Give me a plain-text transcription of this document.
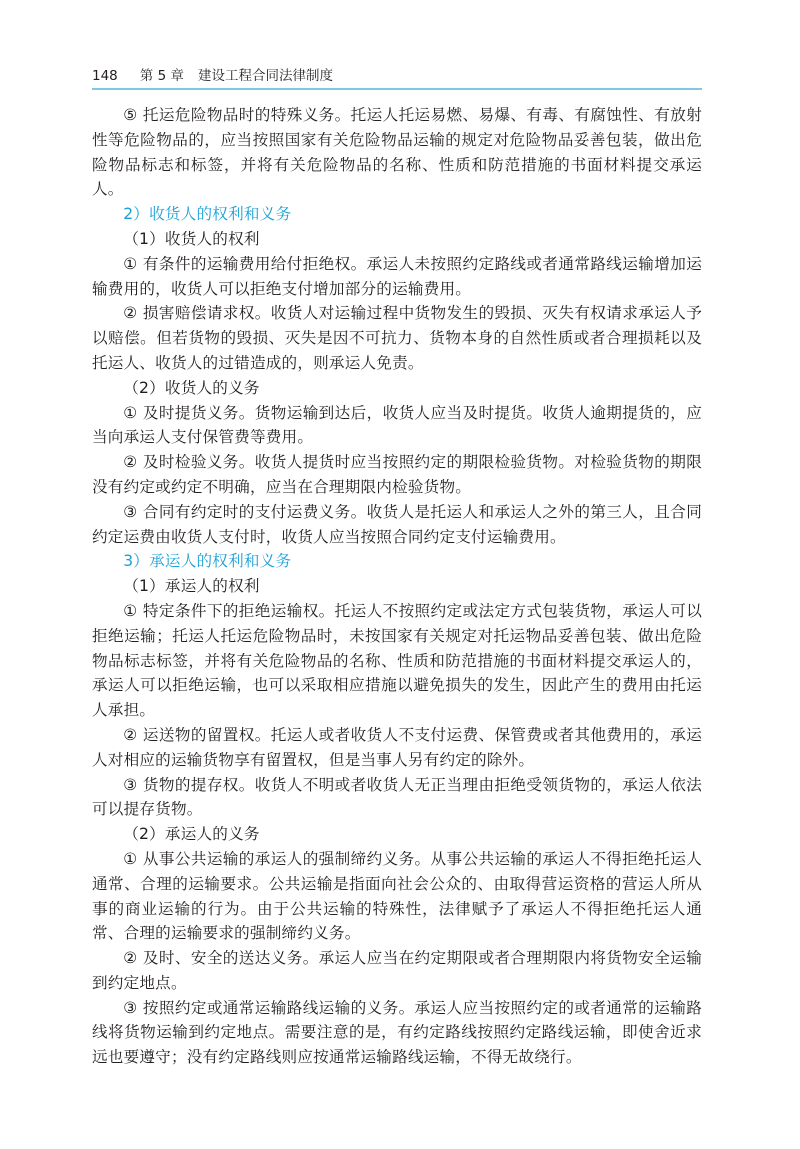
148 第 5 章 建设工程合同法律制度

⑤ 托运危险物品时的特殊义务。托运人托运易燃、易爆、有毒、有腐蚀性、有放射性等危险物品的，应当按照国家有关危险物品运输的规定对危险物品妥善包装，做出危险物品标志和标签，并将有关危险物品的名称、性质和防范措施的书面材料提交承运人。

2）收货人的权利和义务

（1）收货人的权利

① 有条件的运输费用给付拒绝权。承运人未按照约定路线或者通常路线运输增加运输费用的，收货人可以拒绝支付增加部分的运输费用。

② 损害赔偿请求权。收货人对运输过程中货物发生的毁损、灭失有权请求承运人予以赔偿。但若货物的毁损、灭失是因不可抗力、货物本身的自然性质或者合理损耗以及托运人、收货人的过错造成的，则承运人免责。

（2）收货人的义务

① 及时提货义务。货物运输到达后，收货人应当及时提货。收货人逾期提货的，应当向承运人支付保管费等费用。

② 及时检验义务。收货人提货时应当按照约定的期限检验货物。对检验货物的期限没有约定或约定不明确，应当在合理期限内检验货物。

③ 合同有约定时的支付运费义务。收货人是托运人和承运人之外的第三人，且合同约定运费由收货人支付时，收货人应当按照合同约定支付运输费用。

3）承运人的权利和义务

（1）承运人的权利

① 特定条件下的拒绝运输权。托运人不按照约定或法定方式包装货物，承运人可以拒绝运输；托运人托运危险物品时，未按国家有关规定对托运物品妥善包装、做出危险物品标志标签，并将有关危险物品的名称、性质和防范措施的书面材料提交承运人的，承运人可以拒绝运输，也可以采取相应措施以避免损失的发生，因此产生的费用由托运人承担。

② 运送物的留置权。托运人或者收货人不支付运费、保管费或者其他费用的，承运人对相应的运输货物享有留置权，但是当事人另有约定的除外。

③ 货物的提存权。收货人不明或者收货人无正当理由拒绝受领货物的，承运人依法可以提存货物。

（2）承运人的义务

① 从事公共运输的承运人的强制缔约义务。从事公共运输的承运人不得拒绝托运人通常、合理的运输要求。公共运输是指面向社会公众的、由取得营运资格的营运人所从事的商业运输的行为。由于公共运输的特殊性，法律赋予了承运人不得拒绝托运人通常、合理的运输要求的强制缔约义务。

② 及时、安全的送达义务。承运人应当在约定期限或者合理期限内将货物安全运输到约定地点。

③ 按照约定或通常运输路线运输的义务。承运人应当按照约定的或者通常的运输路线将货物运输到约定地点。需要注意的是，有约定路线按照约定路线运输，即使舍近求远也要遵守；没有约定路线则应按通常运输路线运输，不得无故绕行。
